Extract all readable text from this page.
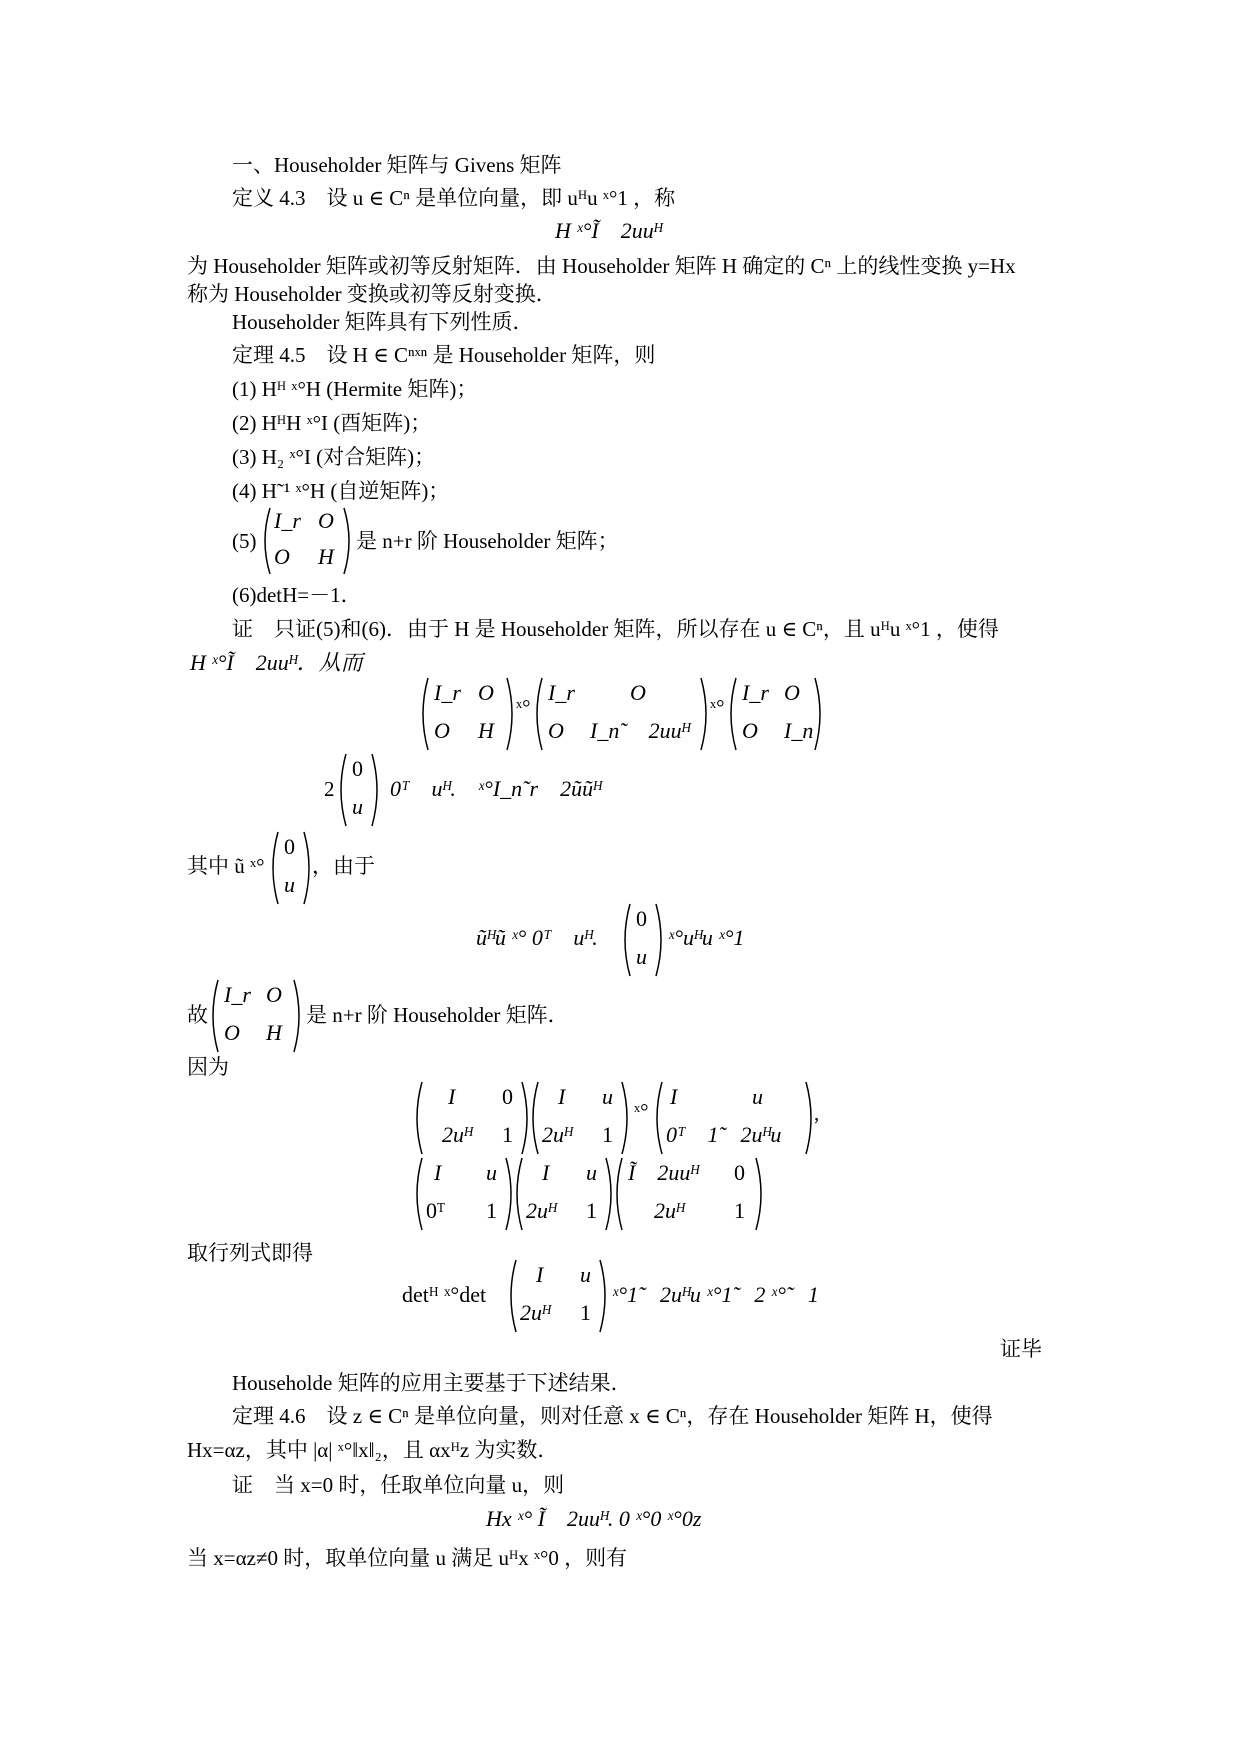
一、Householder 矩阵与 Givens 矩阵
定义 4.3　设 u ∈ Cⁿ 是单位向量，即 uᴴu ˣ°1 ，称
H ˣ°Ĩ　2uuᴴ
为 Householder 矩阵或初等反射矩阵．由 Householder 矩阵 H 确定的 Cⁿ 上的线性变换 y=Hx
称为 Householder 变换或初等反射变换．
Householder 矩阵具有下列性质．
定理 4.5　设 H ∈ Cⁿˣⁿ 是 Householder 矩阵，则
(1) Hᴴ ˣ°H (Hermite 矩阵)；
(2) HᴴH ˣ°I (酉矩阵)；
(3) H₂ ˣ°I (对合矩阵)；
(4) H˜¹ ˣ°H (自逆矩阵)；
(5)
I_r O
O H
是 n+r 阶 Householder 矩阵；
(6)detH=－1．
证　只证(5)和(6)．由于 H 是 Householder 矩阵，所以存在 u ∈ Cⁿ，且 uᴴu ˣ°1 ，使得
H ˣ°Ĩ　2uuᴴ．从而
I_r O
O H
ˣ°
I_r	O
O I_n˜　2uuᴴ
ˣ°
I_r O
O I_n
2
0
u
0ᵀ　uᴴ.　ˣ°I_n˜r　2ũũᴴ
其中 ũ ˣ°
0
u
，由于
ũᴴũ ˣ° 0ᵀ　uᴴ.
0
u
ˣ°uᴴu ˣ°1
故
I_r O
O H
是 n+r 阶 Householder 矩阵．
因为
I 0
2uᴴ 1
I u
2uᴴ 1
ˣ°
I	u
0ᵀ　1̃　2uᴴu
,
I u
0ᵀ 1
I u
2uᴴ 1
Ĩ　2uuᴴ 0
2uᴴ 1
取行列式即得
detᴴ ˣ°det
I u
2uᴴ 1
ˣ°1̃　2uᴴu ˣ°1̃　2 ˣ°̃　1
证毕
Householde 矩阵的应用主要基于下述结果．
定理 4.6　设 z ∈ Cⁿ 是单位向量，则对任意 x ∈ Cⁿ，存在 Householder 矩阵 H，使得
Hx=αz，其中 |α| ˣ°‖x‖₂，且 αxᴴz 为实数．
证　当 x=0 时，任取单位向量 u，则
Hx ˣ° Ĩ　2uuᴴ. 0 ˣ°0 ˣ°0z
当 x=αz≠0 时，取单位向量 u 满足 uᴴx ˣ°0 ，则有
